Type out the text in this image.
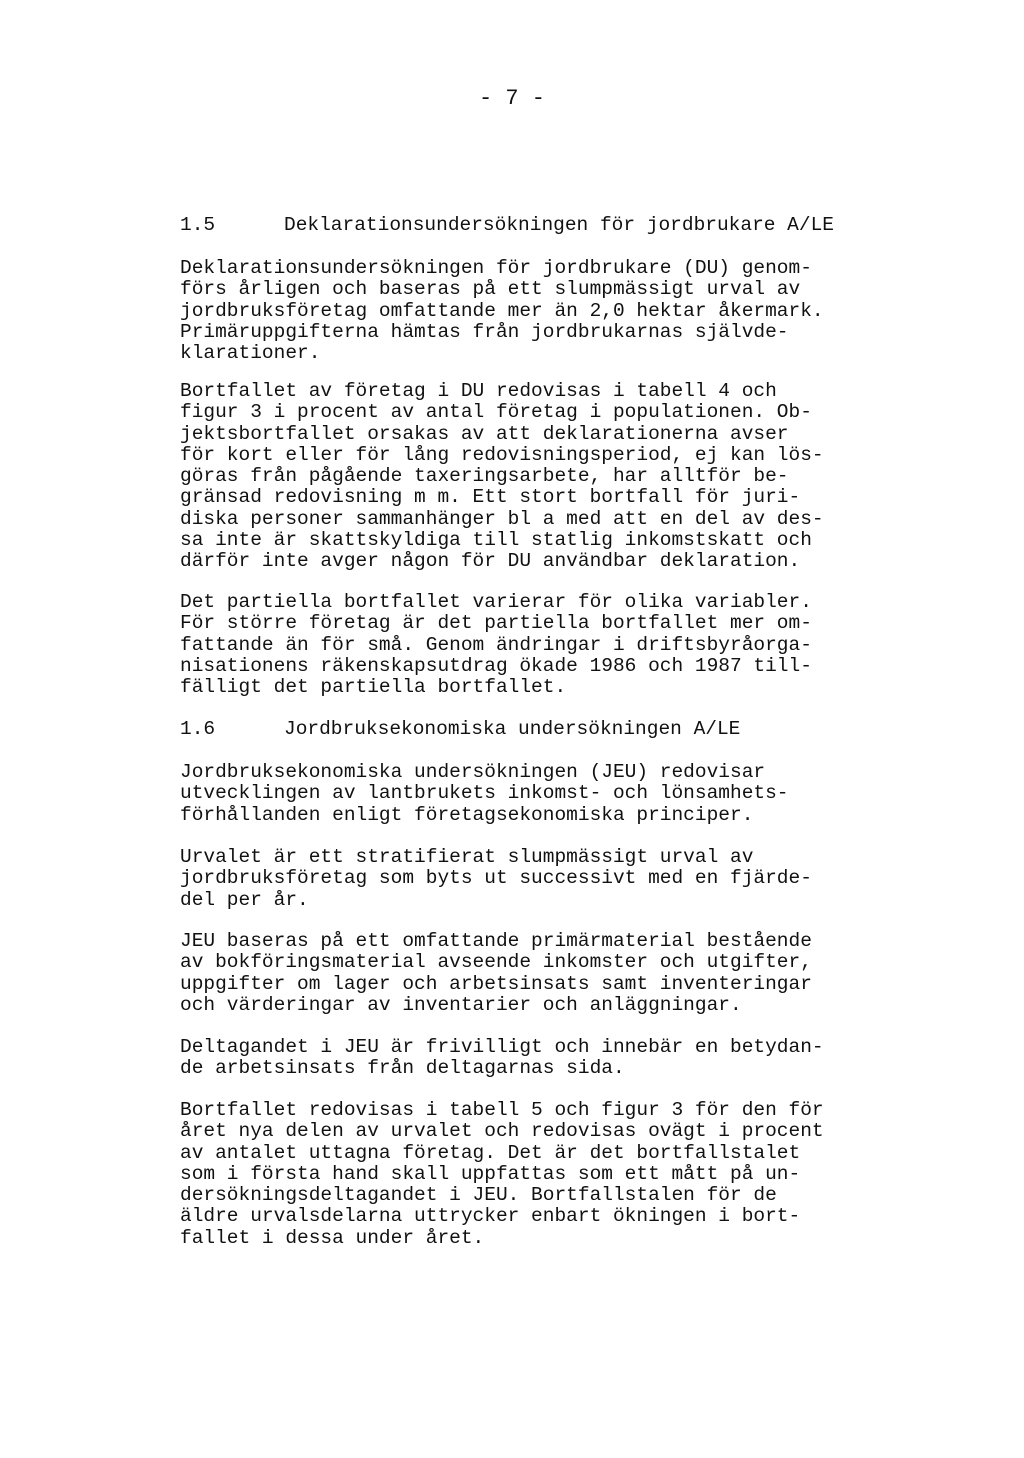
- 7 -
1.5	Deklarationsundersökningen för jordbrukare A/LE

Deklarationsundersökningen för jordbrukare (DU) genom-
förs årligen och baseras på ett slumpmässigt urval av
jordbruksföretag omfattande mer än 2,0 hektar åkermark.
Primäruppgifterna hämtas från jordbrukarnas självde-
klarationer.

Bortfallet av företag i DU redovisas i tabell 4 och
figur 3 i procent av antal företag i populationen. Ob-
jektsbortfallet orsakas av att deklarationerna avser
för kort eller för lång redovisningsperiod, ej kan lös-
göras från pågående taxeringsarbete, har alltför be-
gränsad redovisning m m. Ett stort bortfall för juri-
diska personer sammanhänger bl a med att en del av des-
sa inte är skattskyldiga till statlig inkomstskatt och
därför inte avger någon för DU användbar deklaration.

Det partiella bortfallet varierar för olika variabler.
För större företag är det partiella bortfallet mer om-
fattande än för små. Genom ändringar i driftsbyråorga-
nisationens räkenskapsutdrag ökade 1986 och 1987 till-
fälligt det partiella bortfallet.

1.6	Jordbruksekonomiska undersökningen A/LE

Jordbruksekonomiska undersökningen (JEU) redovisar
utvecklingen av lantbrukets inkomst- och lönsamhets-
förhållanden enligt företagsekonomiska principer.

Urvalet är ett stratifierat slumpmässigt urval av
jordbruksföretag som byts ut successivt med en fjärde-
del per år.

JEU baseras på ett omfattande primärmaterial bestående
av bokföringsmaterial avseende inkomster och utgifter,
uppgifter om lager och arbetsinsats samt inventeringar
och värderingar av inventarier och anläggningar.

Deltagandet i JEU är frivilligt och innebär en betydan-
de arbetsinsats från deltagarnas sida.

Bortfallet redovisas i tabell 5 och figur 3 för den för
året nya delen av urvalet och redovisas ovägt i procent
av antalet uttagna företag. Det är det bortfallstalet
som i första hand skall uppfattas som ett mått på un-
dersökningsdeltagandet i JEU. Bortfallstalen för de
äldre urvalsdelarna uttrycker enbart ökningen i bort-
fallet i dessa under året.
